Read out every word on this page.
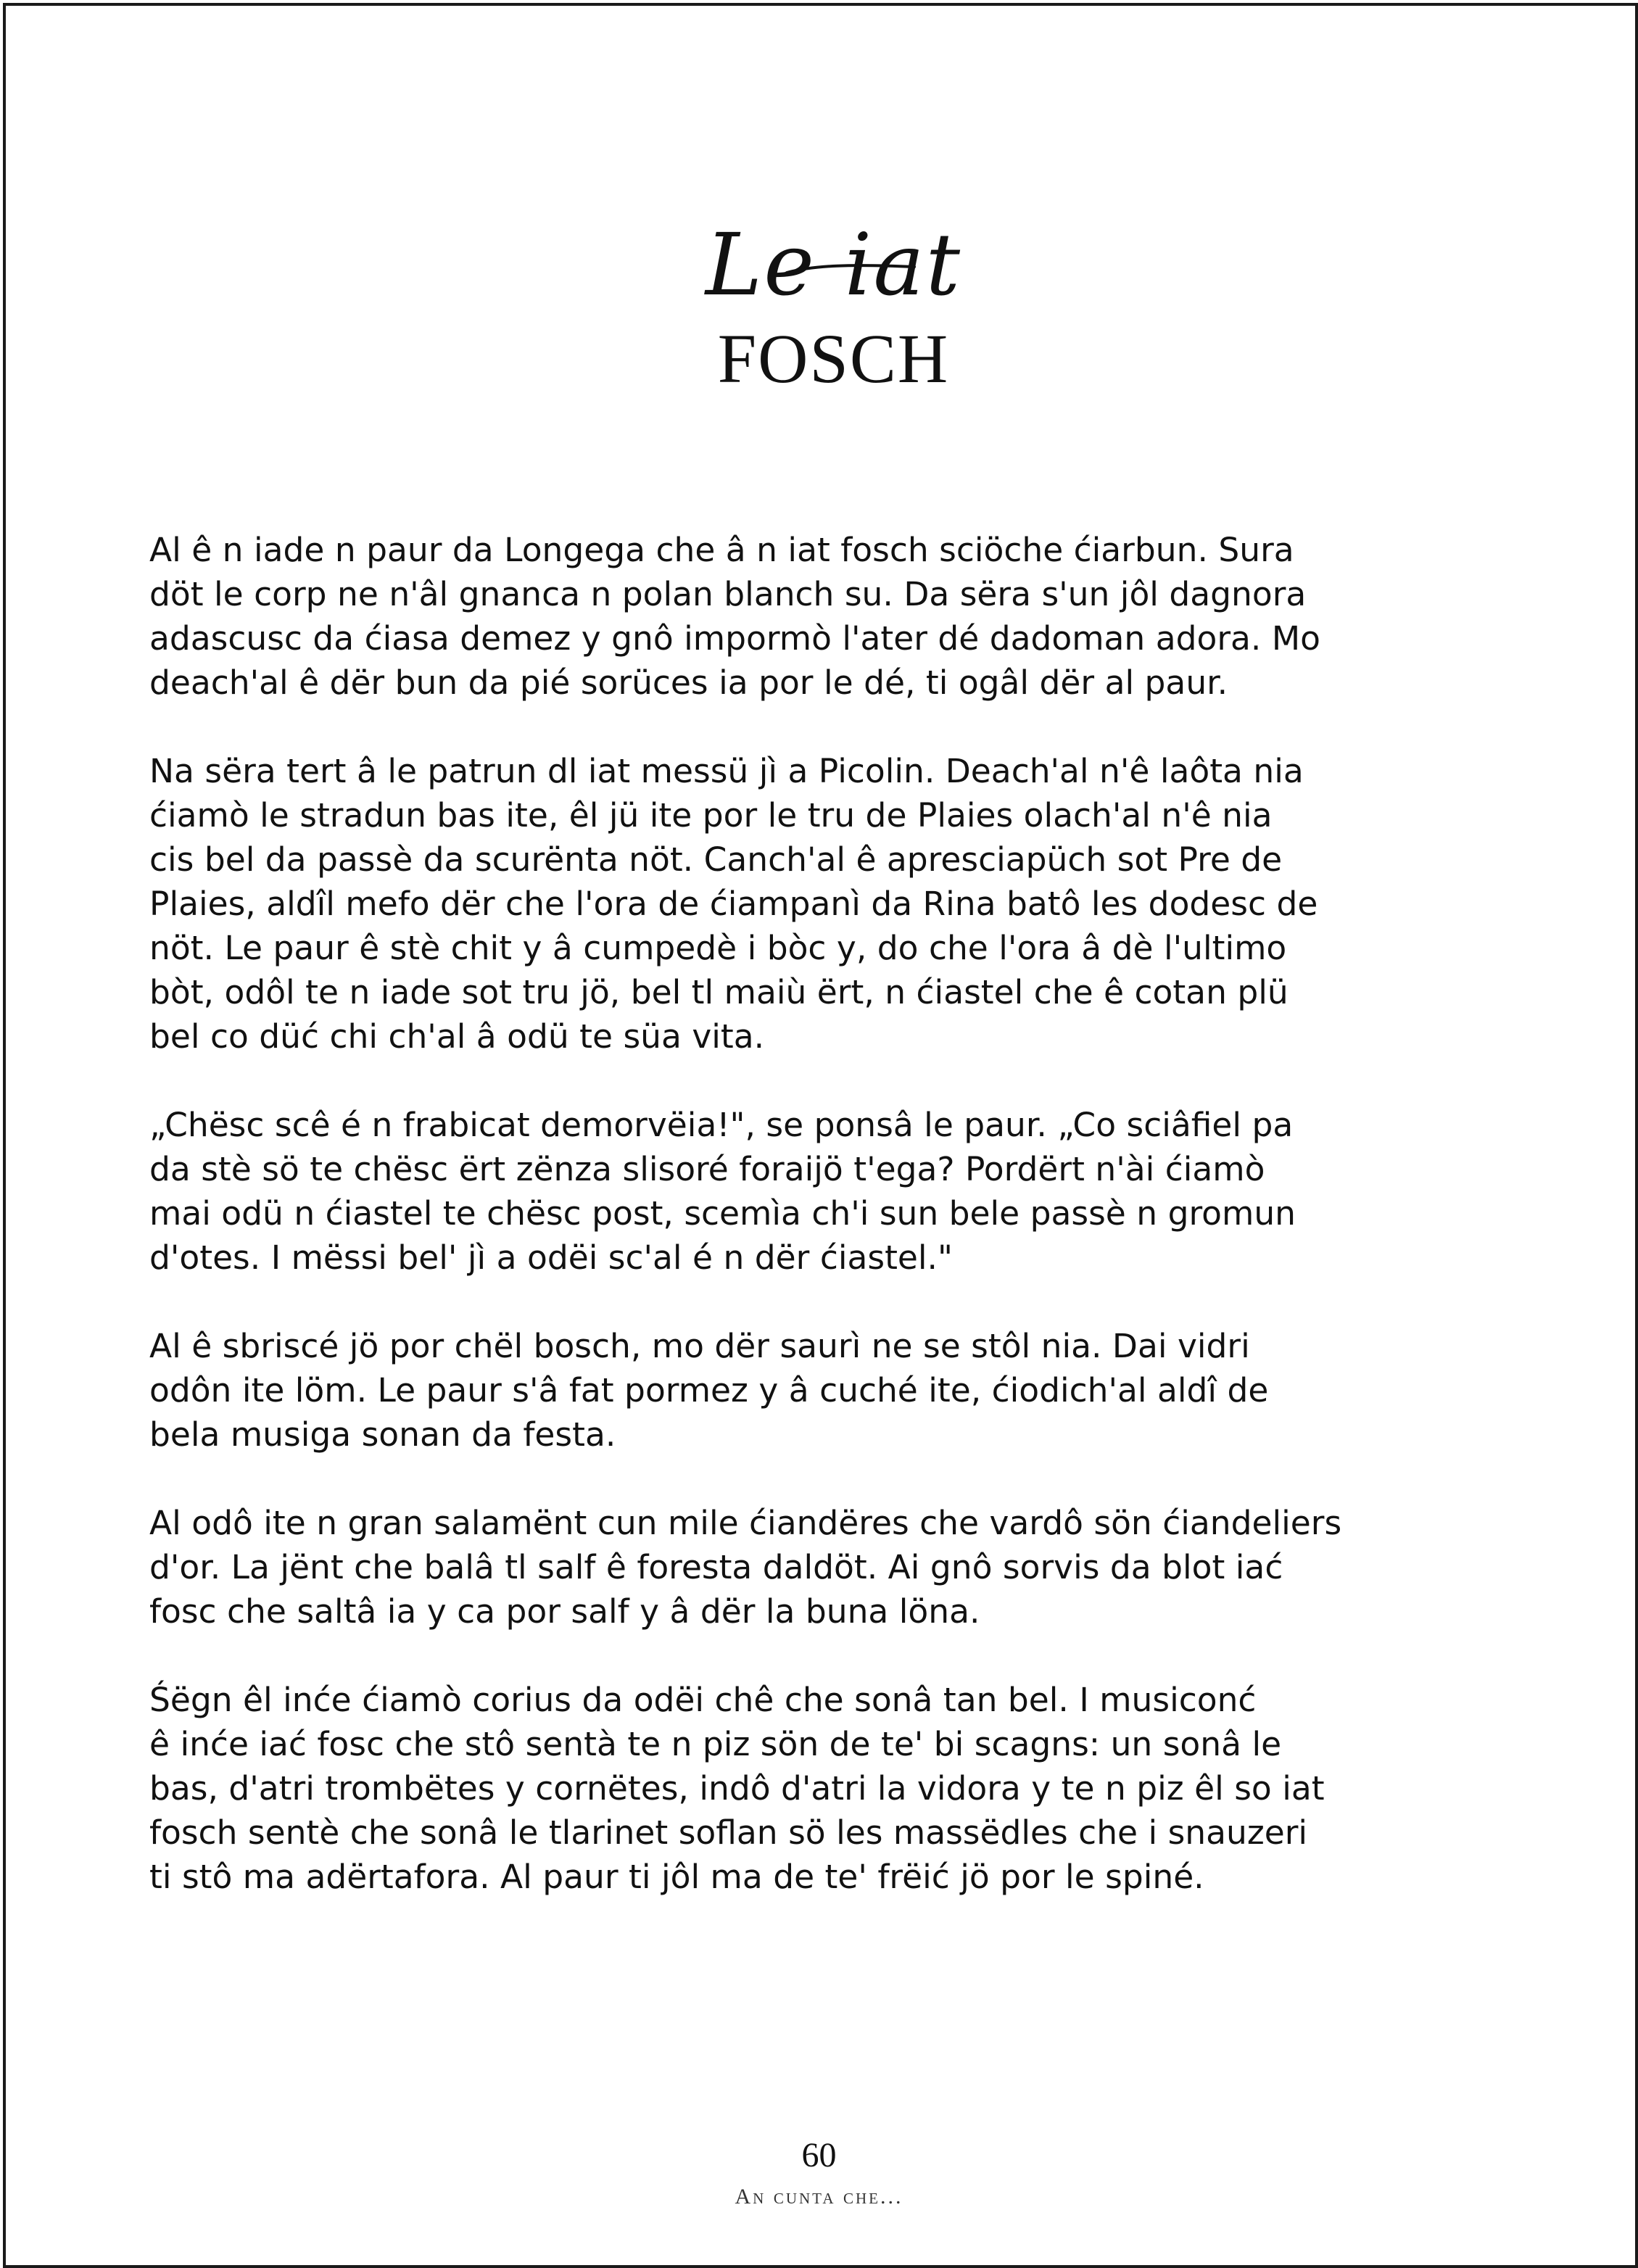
Le iat
FOSCH

Al ê n iade n paur da Longega che â n iat fosch sciöche ćiarbun. Sura
döt le corp ne n'âl gnanca n polan blanch su. Da sëra s'un jôl dagnora
adascusc da ćiasa demez y gnô impormò l'ater dé dadoman adora. Mo
deach'al ê dër bun da pié sorüces ia por le dé, ti ogâl dër al paur.

Na sëra tert â le patrun dl iat messü jì a Picolin. Deach'al n'ê laôta nia
ćiamò le stradun bas ite, êl jü ite por le tru de Plaies olach'al n'ê nia
cis bel da passè da scurënta nöt. Canch'al ê aprescіapüch sot Pre de
Plaies, aldîl mefo dër che l'ora de ćiampanì da Rina batô les dodesc de
nöt. Le paur ê stè chit y â cumpedè i bòc y, do che l'ora â dè l'ultimo
bòt, odôl te n iade sot tru jö, bel tl maiù ërt, n ćiastel che ê cotan plü
bel co düć chi ch'al â odü te süa vita.

„Chësc scê é n frabicat demorvëia!", se ponsâ le paur. „Co sciâfiel pa
da stè sö te chësc ërt zënza slisoré foraijö t'ega? Pordërt n'ài ćiamò
mai odü n ćiastel te chësc post, scemìa ch'i sun bele passè n gromun
d'otes. I mëssi bel' jì a odëi sc'al é n dër ćiastel."

Al ê sbriscé jö por chël bosch, mo dër saurì ne se stôl nia. Dai vidri
odôn ite löm. Le paur s'â fat pormez y â cuché ite, ćiodich'al aldî de
bela musiga sonan da festa.

Al odô ite n gran salamënt cun mile ćiandëres che vardô sön ćiandeliers
d'or. La jënt che balâ tl salf ê foresta daldöt. Ai gnô sorvis da blot iać
fosc che saltâ ia y ca por salf y â dër la buna löna.

Śëgn êl inće ćiamò corius da odëi chê che sonâ tan bel. I musiconć
ê inće iać fosc che stô sentà te n piz sön de te' bi scagns: un sonâ le
bas, d'atri trombëtes y cornëtes, indô d'atri la vidora y te n piz êl so iat
fosch sentè che sonâ le tlarinet soflan sö les massëdles che i snauzeri
ti stô ma adërtafora. Al paur ti jôl ma de te' frëić jö por le spiné.

60
An cunta che...
